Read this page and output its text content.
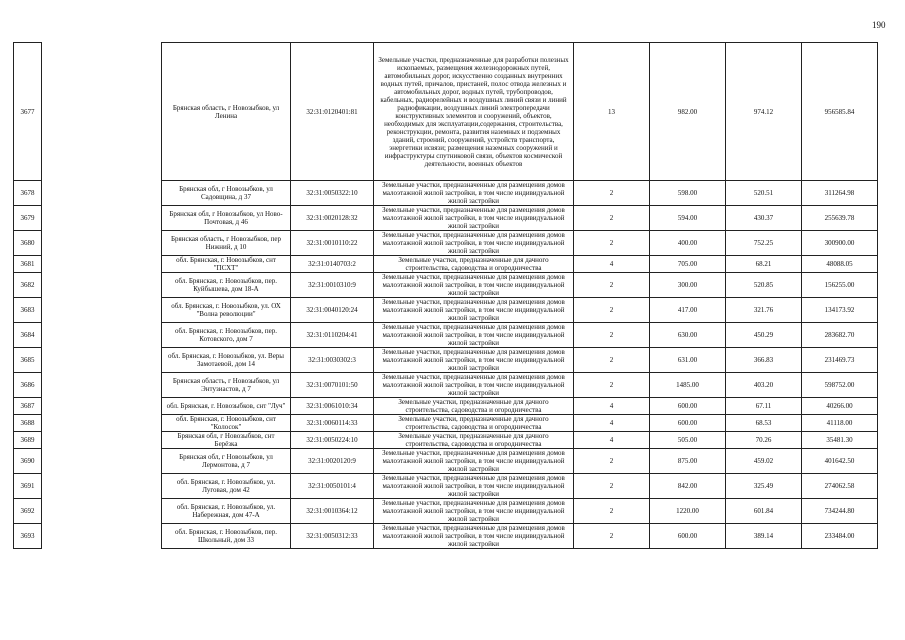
190
3677		Брянская область, г Новозыбков, ул Ленина	32:31:0120401:81	Земельные участки, предназначенные для разработки полезных ископаемых, размещения железнодорожных путей, автомобильных дорог, искусственно созданных внутренних водных путей, причалов, пристаней, полос отвода железных и автомобильных дорог, водных путей, трубопроводов, кабельных, радиорелейных и воздушных линий связи и линий радиофикации, воздушных линий электропередачи конструктивных элементов и сооружений, объектов, необходимых для эксплуатации,содержания, строительства, реконструкции, ремонта, развития наземных и подземных зданий, строений, сооружений, устройств транспорта, энергетики исвязи; размещения наземных сооружений и инфраструктуры спутниковой связи, объектов космической деятельности, военных объектов	13	982.00	974.12	956585.84
3678		Брянская обл, г Новозыбков, ул Садовщина, д 37	32:31:0050322:10	Земельные участки, предназначенные для размещения домов малоэтажной жилой застройки, в том числе индивидуальной жилой застройки	2	598.00	520.51	311264.98
3679		Брянская обл, г Новозыбков, ул Ново-Почтовая, д 46	32:31:0020128:32	Земельные участки, предназначенные для размещения домов малоэтажной жилой застройки, в том числе индивидуальной жилой застройки	2	594.00	430.37	255639.78
3680		Брянская область, г Новозыбков, пер Нижний, д 10	32:31:0010110:22	Земельные участки, предназначенные для размещения домов малоэтажной жилой застройки, в том числе индивидуальной жилой застройки	2	400.00	752.25	300900.00
3681		обл. Брянская, г. Новозыбков, снт "ПСХТ"	32:31:0140703:2	Земельные участки, предназначенные для дачного строительства, садоводства и огородничества	4	705.00	68.21	48088.05
3682		обл. Брянская, г. Новозыбков, пер. Куйбышева, дом 18-А	32:31:0010310:9	Земельные участки, предназначенные для размещения домов малоэтажной жилой застройки, в том числе индивидуальной жилой застройки	2	300.00	520.85	156255.00
3683		обл. Брянская, г. Новозыбков, ул. ОХ "Волна революции"	32:31:0040120:24	Земельные участки, предназначенные для размещения домов малоэтажной жилой застройки, в том числе индивидуальной жилой застройки	2	417.00	321.76	134173.92
3684		обл. Брянская, г. Новозыбков, пер. Котовского, дом 7	32:31:0110204:41	Земельные участки, предназначенные для размещения домов малоэтажной жилой застройки, в том числе индивидуальной жилой застройки	2	630.00	450.29	283682.70
3685		обл. Брянская, г. Новозыбков, ул. Веры Замотаевой, дом 14	32:31:0030302:3	Земельные участки, предназначенные для размещения домов малоэтажной жилой застройки, в том числе индивидуальной жилой застройки	2	631.00	366.83	231469.73
3686		Брянская область, г Новозыбков, ул Энтузиастов, д 7	32:31:0070101:50	Земельные участки, предназначенные для размещения домов малоэтажной жилой застройки, в том числе индивидуальной жилой застройки	2	1485.00	403.20	598752.00
3687		обл. Брянская, г. Новозыбков, снт "Луч"	32:31:0061010:34	Земельные участки, предназначенные для дачного строительства, садоводства и огородничества	4	600.00	67.11	40266.00
3688		обл. Брянская, г. Новозыбков, снт "Колосок"	32:31:0060114:33	Земельные участки, предназначенные для дачного строительства, садоводства и огородничества	4	600.00	68.53	41118.00
3689		Брянская обл, г Новозыбков, снт Берёзка	32:31:0050224:10	Земельные участки, предназначенные для дачного строительства, садоводства и огородничества	4	505.00	70.26	35481.30
3690		Брянская обл, г Новозыбков, ул Лермонтова, д 7	32:31:0020120:9	Земельные участки, предназначенные для размещения домов малоэтажной жилой застройки, в том числе индивидуальной жилой застройки	2	875.00	459.02	401642.50
3691		обл. Брянская, г. Новозыбков, ул. Луговая, дом 42	32:31:0050101:4	Земельные участки, предназначенные для размещения домов малоэтажной жилой застройки, в том числе индивидуальной жилой застройки	2	842.00	325.49	274062.58
3692		обл. Брянская, г. Новозыбков, ул. Набережная, дом 47-А	32:31:0010364:12	Земельные участки, предназначенные для размещения домов малоэтажной жилой застройки, в том числе индивидуальной жилой застройки	2	1220.00	601.84	734244.80
3693		обл. Брянская, г. Новозыбков, пер. Школьный, дом 33	32:31:0050312:33	Земельные участки, предназначенные для размещения домов малоэтажной жилой застройки, в том числе индивидуальной жилой застройки	2	600.00	389.14	233484.00
